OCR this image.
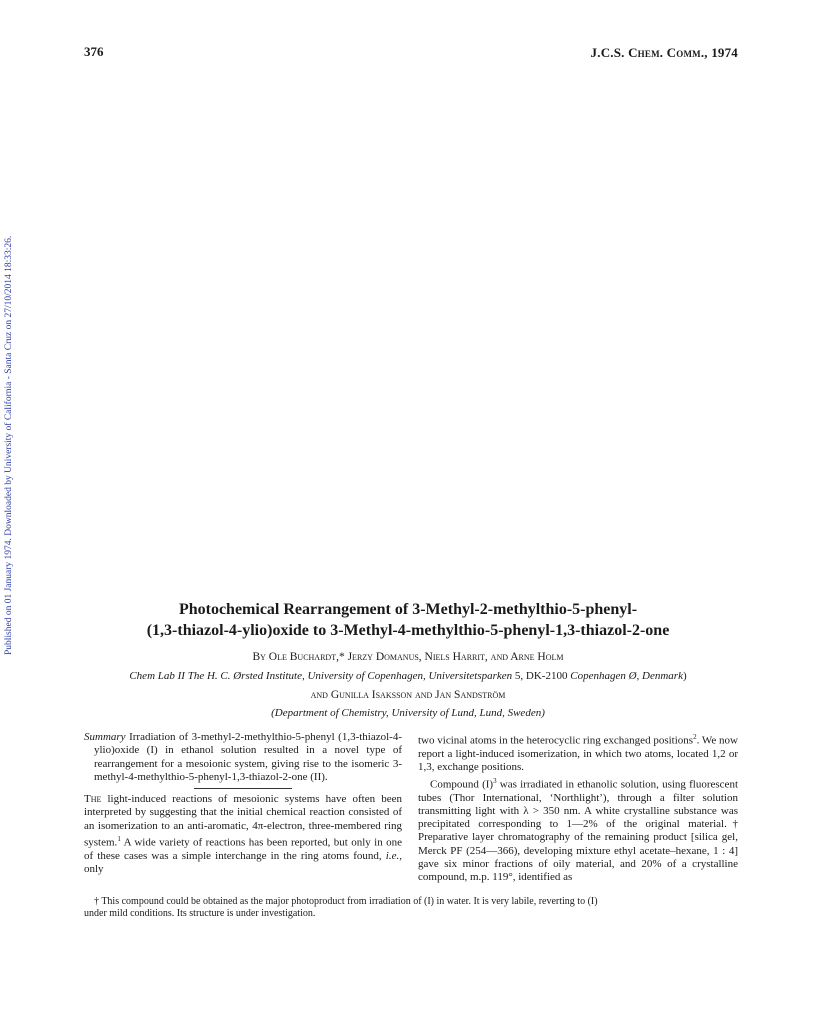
376	J.C.S. Chem. Comm., 1974
Published on 01 January 1974. Downloaded by University of California - Santa Cruz on 27/10/2014 18:33:26.	Photochemical Rearrangement of 3-Methyl-2-methylthio-5-phenyl-
(1,3-thiazol-4-ylio)oxide to 3-Methyl-4-methylthio-5-phenyl-1,3-thiazol-2-one
By Ole Buchardt,* Jerzy Domanus, Niels Harrit, and Arne Holm
Chem Lab II The H. C. Ørsted Institute, University of Copenhagen, Universitetsparken 5, DK-2100 Copenhagen Ø, Denmark)
and Gunilla Isaksson and Jan Sandström
(Department of Chemistry, University of Lund, Lund, Sweden)
Summary Irradiation of 3-methyl-2-methylthio-5-phenyl (1,3-thiazol-4-ylio)oxide (I) in ethanol solution resulted in a novel type of rearrangement for a mesoionic system, giving rise to the isomeric 3-methyl-4-methylthio-5-phenyl-1,3-thiazol-2-one (II).
The light-induced reactions of mesoionic systems have often been interpreted by suggesting that the initial chemical reaction consisted of an isomerization to an anti-aromatic, 4π-electron, three-membered ring system.$^1$ A wide variety of reactions has been reported, but only in one of these cases was a simple interchange in the ring atoms found, i.e., only
two vicinal atoms in the heterocyclic ring exchanged positions$^2$. We now report a light-induced isomerization, in which two atoms, located 1,2 or 1,3, exchange positions.
Compound $(I)^3$ was irradiated in ethanolic solution, using fluorescent tubes (Thor International, ‘Northlight’), through a filter solution transmitting light with λ > 350 nm. A white crystalline substance was precipitated corresponding to 1—2% of the original material.† Preparative layer chromatography of the remaining product [silica gel, Merck PF (254—366), developing mixture ethyl acetate–hexane, 1 : 4] gave six minor fractions of oily material, and 20% of a crystalline compound, m.p. 119°, identified as
† This compound could be obtained as the major photoproduct from irradiation of (I) in water. It is very labile, reverting to (I)
under mild conditions. Its structure is under investigation.
